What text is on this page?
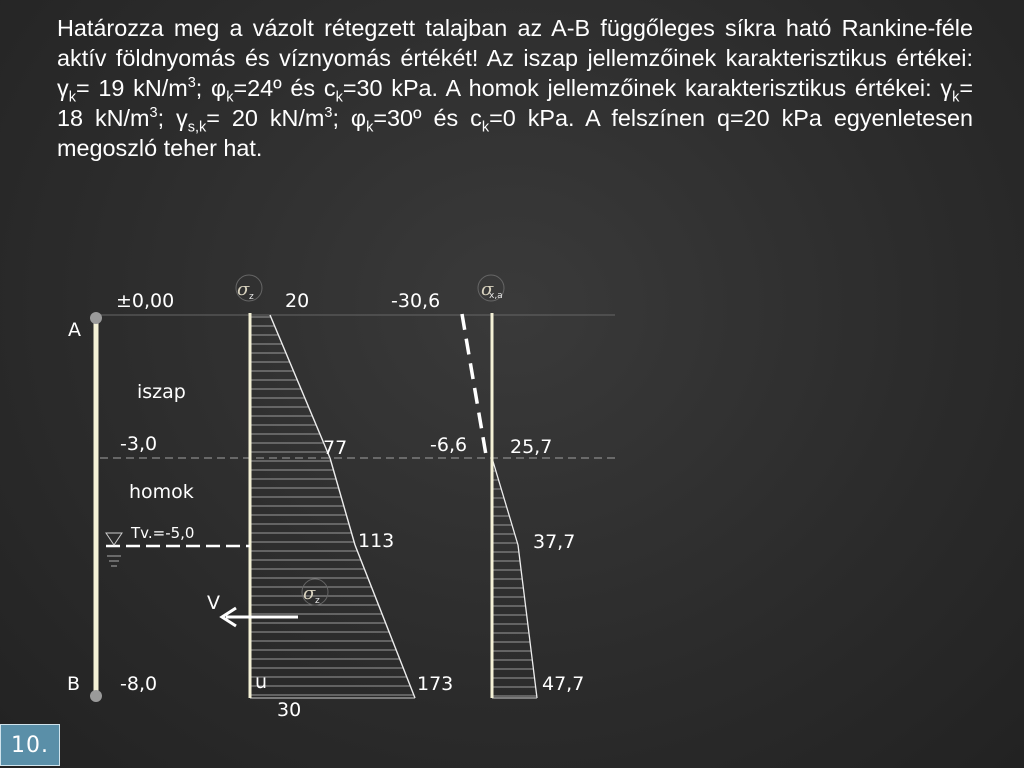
Határozza meg a vázolt rétegzett talajban az A-B függőleges síkra ható Rankine-féle aktív földnyomás és víznyomás értékét! Az iszap jellemzőinek karakterisztikus értékei: $\gamma_k= 19$ $kN/m^3$; $\varphi_k=24º$ és $c_k=30$ kPa. A homok jellemzőinek karakterisztikus értékei: $\gamma_k= 18$ $kN/m^3$; $\gamma_{s,k}= 20$ $kN/m^3$; $\varphi_k=30º$ és $c_k=0$ kPa. A felszínen q=20 kPa egyenletesen megoszló teher hat.

σ z	σ
x,a
σ z
V
A
B
±0,00
iszap
-3,0
homok
Tv.=-5,0
-8,0
20
77
113
173
-30,6
-6,6 25,7
37,7
47,7
u
30
10.
